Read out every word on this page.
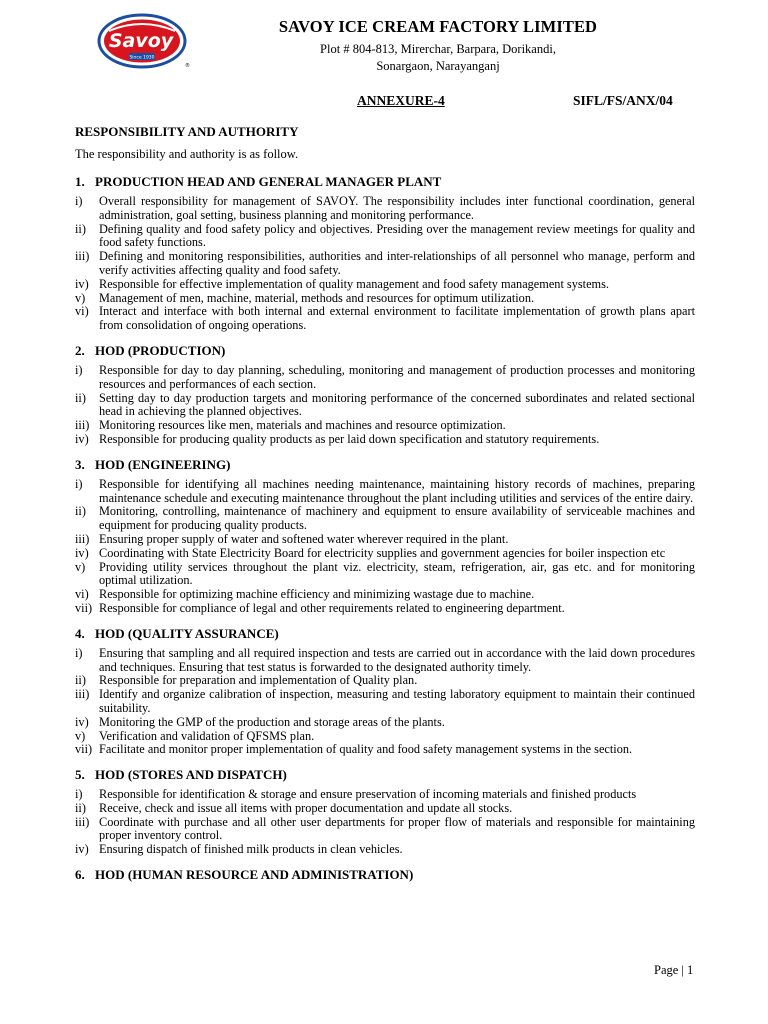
Savoy
Since 1930
®
SAVOY ICE CREAM FACTORY LIMITED
Plot # 804-813, Mirerchar, Barpara, Dorikandi,
Sonargaon, Narayanganj
ANNEXURE-4	SIFL/FS/ANX/04
RESPONSIBILITY AND AUTHORITY
The responsibility and authority is as follow.
1. PRODUCTION HEAD AND GENERAL MANAGER PLANT
i)	Overall responsibility for management of SAVOY. The responsibility includes inter functional coordination, general administration, goal setting, business planning and monitoring performance.
ii)	Defining quality and food safety policy and objectives. Presiding over the management review meetings for quality and food safety functions.
iii) Defining and monitoring responsibilities, authorities and inter-relationships of all personnel who manage, perform and verify activities affecting quality and food safety.
iv) Responsible for effective implementation of quality management and food safety management systems.
v)	Management of men, machine, material, methods and resources for optimum utilization.
vi) Interact and interface with both internal and external environment to facilitate implementation of growth plans apart from consolidation of ongoing operations.
2. HOD (PRODUCTION)
i)	Responsible for day to day planning, scheduling, monitoring and management of production processes and monitoring resources and performances of each section.
ii)	Setting day to day production targets and monitoring performance of the concerned subordinates and related sectional head in achieving the planned objectives.
iii) Monitoring resources like men, materials and machines and resource optimization.
iv) Responsible for producing quality products as per laid down specification and statutory requirements.
3. HOD (ENGINEERING)
i)	Responsible for identifying all machines needing maintenance, maintaining history records of machines, preparing maintenance schedule and executing maintenance throughout the plant including utilities and services of the entire dairy.
ii)	Monitoring, controlling, maintenance of machinery and equipment to ensure availability of serviceable machines and equipment for producing quality products.
iii) Ensuring proper supply of water and softened water wherever required in the plant.
iv) Coordinating with State Electricity Board for electricity supplies and government agencies for boiler inspection etc
v)	Providing utility services throughout the plant viz. electricity, steam, refrigeration, air, gas etc. and for monitoring optimal utilization.
vi) Responsible for optimizing machine efficiency and minimizing wastage due to machine.
vii) Responsible for compliance of legal and other requirements related to engineering department.
4. HOD (QUALITY ASSURANCE)
i)	Ensuring that sampling and all required inspection and tests are carried out in accordance with the laid down procedures and techniques. Ensuring that test status is forwarded to the designated authority timely.
ii)	Responsible for preparation and implementation of Quality plan.
iii) Identify and organize calibration of inspection, measuring and testing laboratory equipment to maintain their continued suitability.
iv) Monitoring the GMP of the production and storage areas of the plants.
v)	Verification and validation of QFSMS plan.
vii) Facilitate and monitor proper implementation of quality and food safety management systems in the section.
5. HOD (STORES AND DISPATCH)
i)	Responsible for identification & storage and ensure preservation of incoming materials and finished products
ii)	Receive, check and issue all items with proper documentation and update all stocks.
iii) Coordinate with purchase and all other user departments for proper flow of materials and responsible for maintaining proper inventory control.
iv) Ensuring dispatch of finished milk products in clean vehicles.
6. HOD (HUMAN RESOURCE AND ADMINISTRATION)
Page | 1
